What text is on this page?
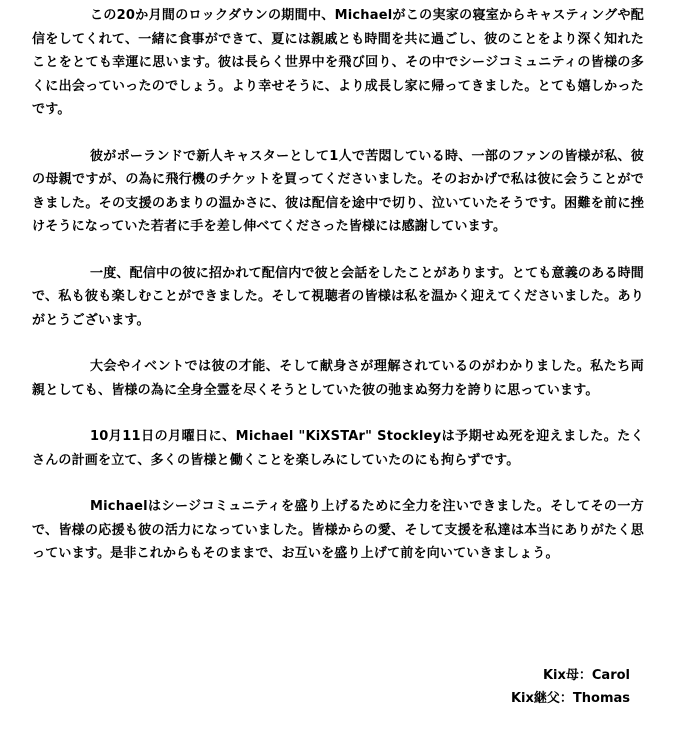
この20か月間のロックダウンの期間中、Michaelがこの実家の寝室からキャスティングや配信をしてくれて、一緒に食事ができて、夏には親戚とも時間を共に過ごし、彼のことをより深く知れたことをとても幸運に思います。彼は長らく世界中を飛び回り、その中でシージコミュニティの皆様の多くに出会っていったのでしょう。より幸せそうに、より成長し家に帰ってきました。とても嬉しかったです。

彼がポーランドで新人キャスターとして1人で苦悶している時、一部のファンの皆様が私、彼の母親ですが、の為に飛行機のチケットを買ってくださいました。そのおかげで私は彼に会うことができました。その支援のあまりの温かさに、彼は配信を途中で切り、泣いていたそうです。困難を前に挫けそうになっていた若者に手を差し伸べてくださった皆様には感謝しています。

一度、配信中の彼に招かれて配信内で彼と会話をしたことがあります。とても意義のある時間で、私も彼も楽しむことができました。そして視聴者の皆様は私を温かく迎えてくださいました。ありがとうございます。

大会やイベントでは彼の才能、そして献身さが理解されているのがわかりました。私たち両親としても、皆様の為に全身全霊を尽くそうとしていた彼の弛まぬ努力を誇りに思っています。

10月11日の月曜日に、Michael "KiXSTAr" Stockleyは予期せぬ死を迎えました。たくさんの計画を立て、多くの皆様と働くことを楽しみにしていたのにも拘らずです。

Michaelはシージコミュニティを盛り上げるために全力を注いできました。そしてその一方で、皆様の応援も彼の活力になっていました。皆様からの愛、そして支援を私達は本当にありがたく思っています。是非これからもそのままで、お互いを盛り上げて前を向いていきましょう。

Kix母：Carol
Kix継父：Thomas
